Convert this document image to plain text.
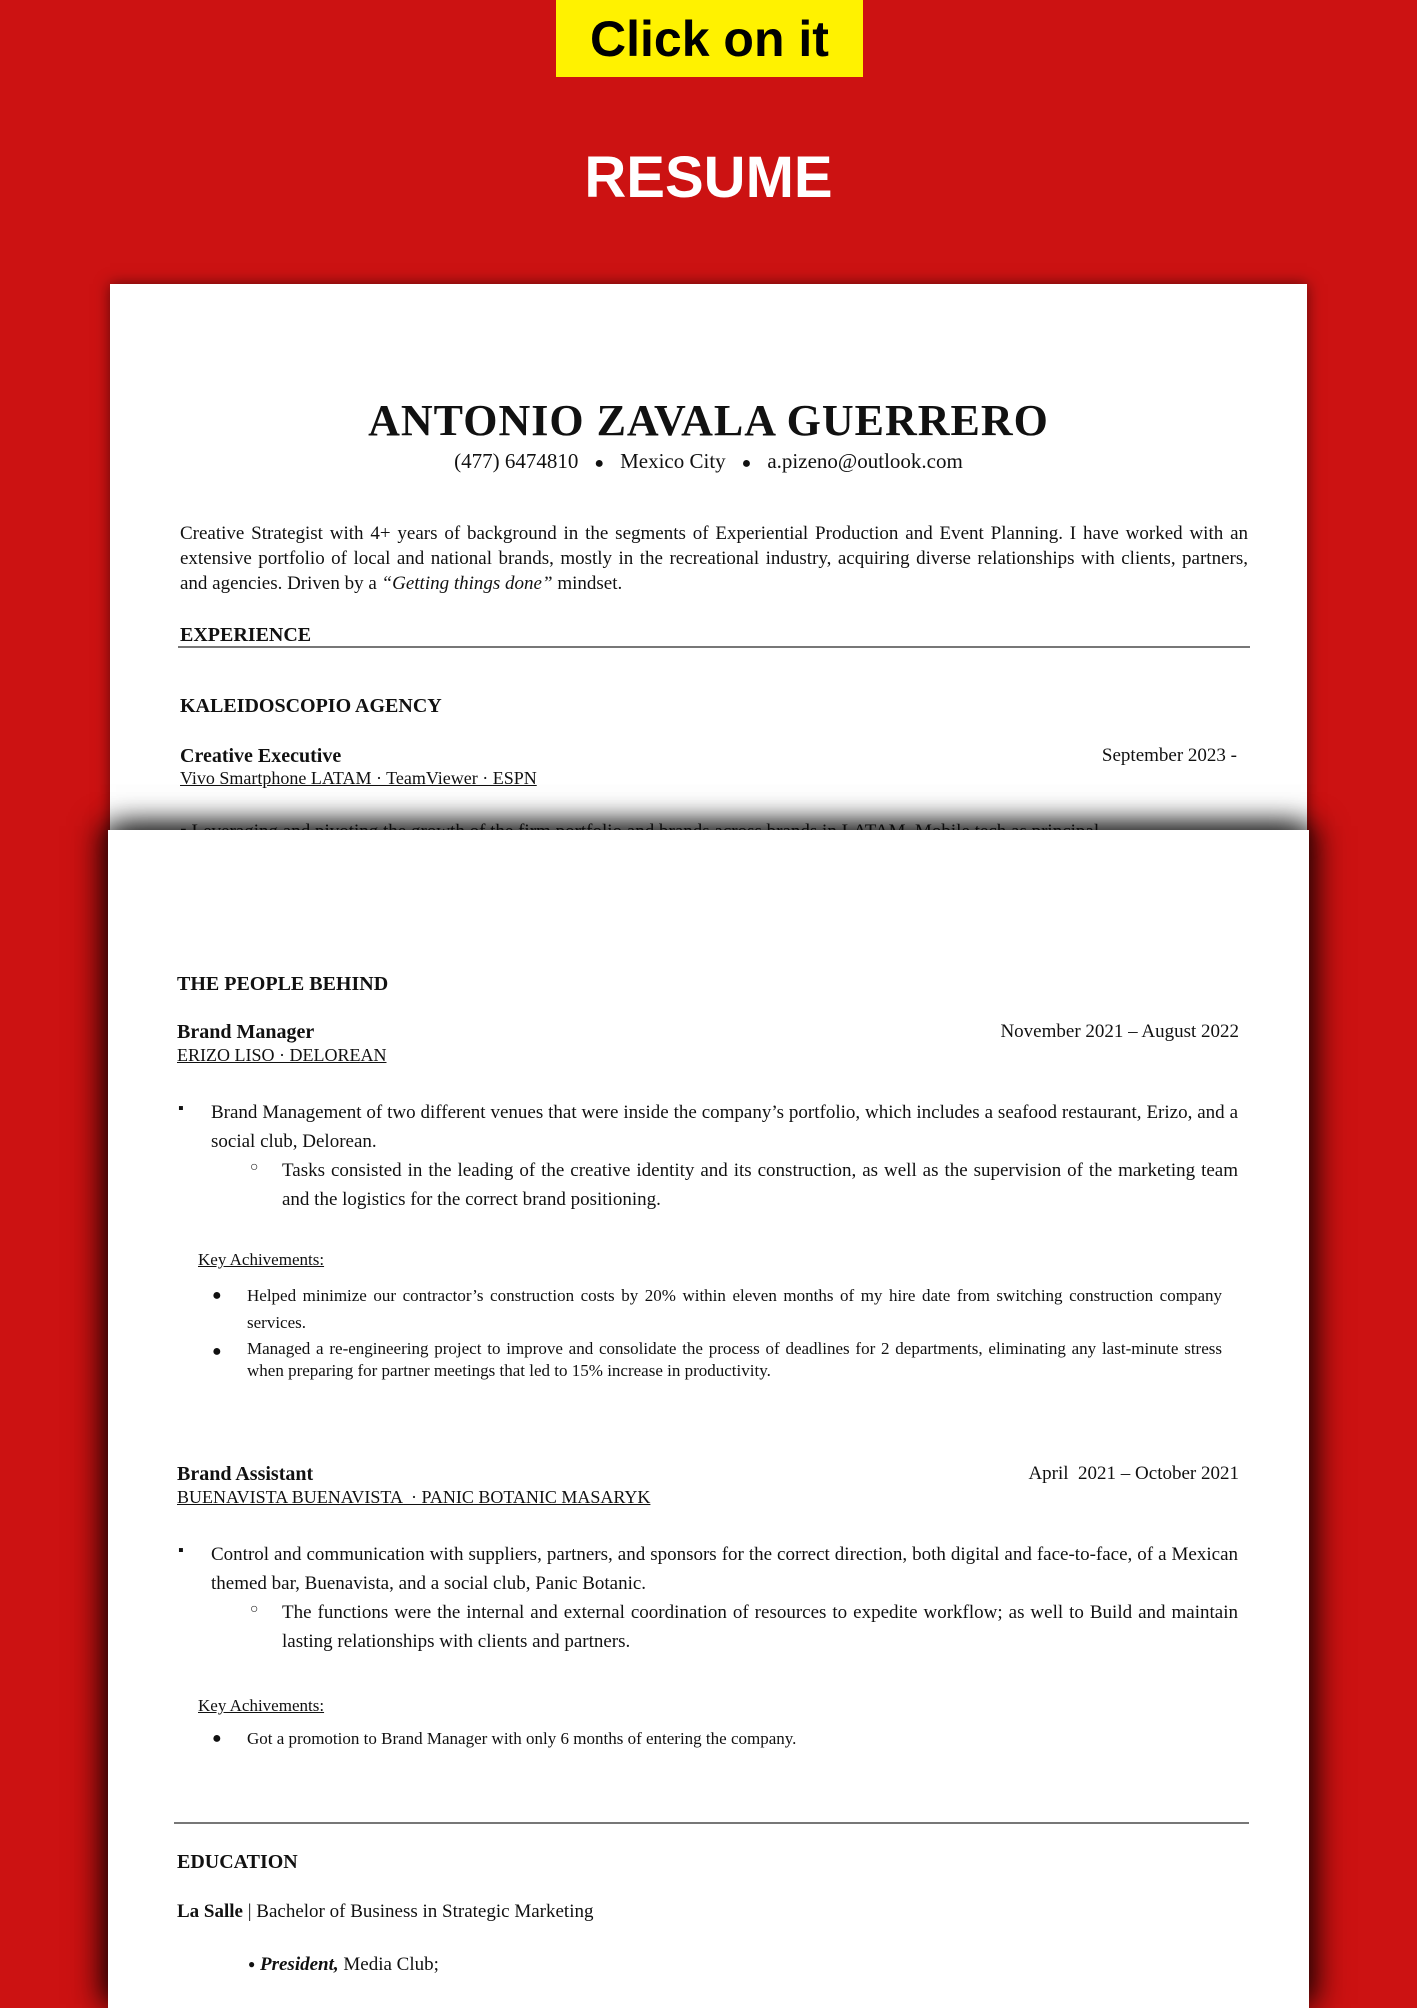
Click on it
RESUME
ANTONIO ZAVALA GUERRERO
(477) 6474810 ● Mexico City ● a.pizeno@outlook.com
Creative Strategist with 4+ years of background in the segments of Experiential Production and Event Planning. I have worked with an extensive portfolio of local and national brands, mostly in the recreational industry, acquiring diverse relationships with clients, partners, and agencies. Driven by a “Getting things done” mindset.
EXPERIENCE
KALEIDOSCOPIO AGENCY
Creative Executive	September 2023 -
Vivo Smartphone LATAM · TeamViewer · ESPN
THE PEOPLE BEHIND
Brand Manager	November 2021 – August 2022
ERIZO LISO · DELOREAN
▪ Brand Management of two different venues that were inside the company’s portfolio, which includes a seafood restaurant, Erizo, and a social club, Delorean.
○ Tasks consisted in the leading of the creative identity and its construction, as well as the supervision of the marketing team and the logistics for the correct brand positioning.
Key Achivements:
● Helped minimize our contractor’s construction costs by 20% within eleven months of my hire date from switching construction company services.
● Managed a re-engineering project to improve and consolidate the process of deadlines for 2 departments, eliminating any last-minute stress when preparing for partner meetings that led to 15% increase in productivity.
Brand Assistant	April  2021 – October 2021
BUENAVISTA BUENAVISTA  · PANIC BOTANIC MASARYK
▪ Control and communication with suppliers, partners, and sponsors for the correct direction, both digital and face-to-face, of a Mexican themed bar, Buenavista, and a social club, Panic Botanic.
○ The functions were the internal and external coordination of resources to expedite workflow; as well to Build and maintain lasting relationships with clients and partners.
Key Achivements:
● Got a promotion to Brand Manager with only 6 months of entering the company.
EDUCATION
La Salle | Bachelor of Business in Strategic Marketing
● President, Media Club;
